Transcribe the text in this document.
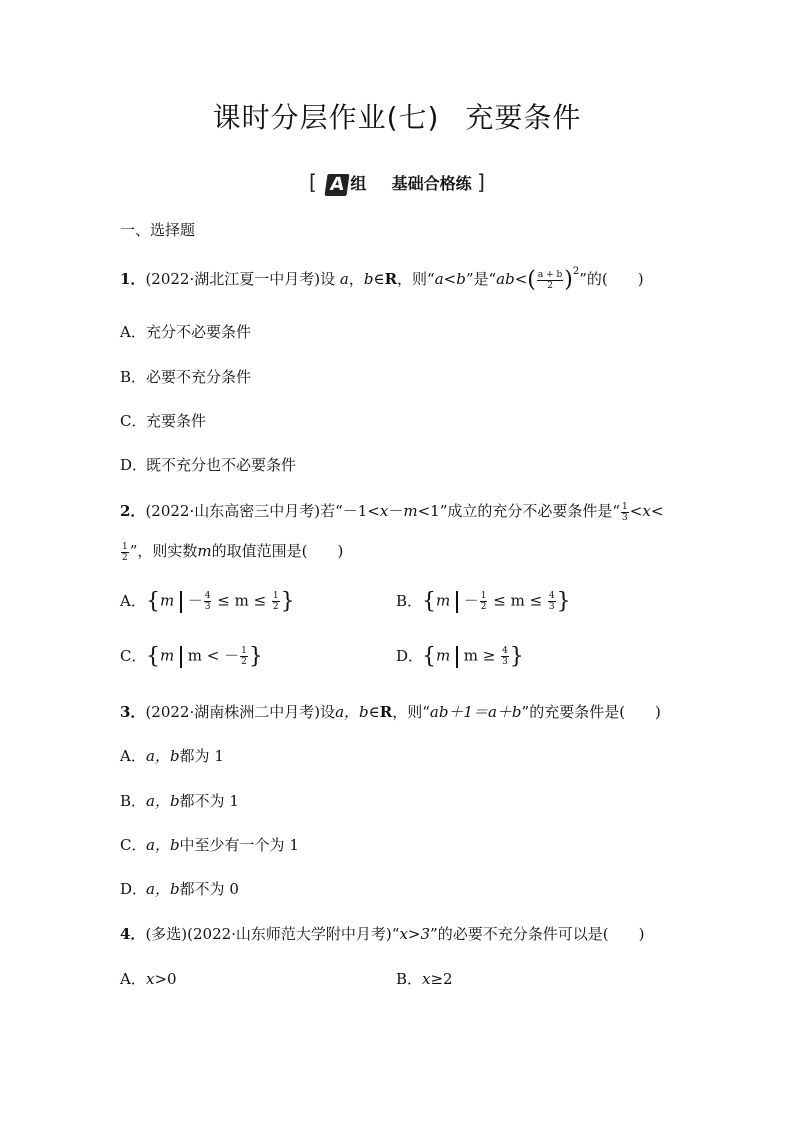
课时分层作业(七) 充要条件
[ A 组 基础合格练 ]
一、选择题
1．(2022·湖北江夏一中月考)设 a，b∈R，则“a<b”是“$ab<( \frac{a + b}{2} )^2$”的(　　)
A．充分不必要条件
B．必要不充分条件
C．充要条件
D．既不充分也不必要条件
2．(2022·山东高密三中月考)若“－1<x－m<1”成立的充分不必要条件是“ $\frac{1}{3} <x<$
$\frac{1}{2}$ ”，则实数m的取值范围是(　　)
A．{$m - \frac{4}{3} \le m \le \frac{1}{2}$ }	B．{$m - \frac{1}{2} \le m \le \frac{4}{3}$ }
C．{m m < － $\frac{1}{2}$ }	D．{m $m \ge \frac{4}{3}$ }
3．(2022·湖南株洲二中月考)设a，b∈R，则“ab＋1＝a＋b”的充要条件是(　　)
A．a，b都为 1
B．a，b都不为 1
C．a，b中至少有一个为 1
D．a，b都不为 0
4．(多选)(2022·山东师范大学附中月考)“x>3”的必要不充分条件可以是(　　)
A．x>0	B．x≥2
